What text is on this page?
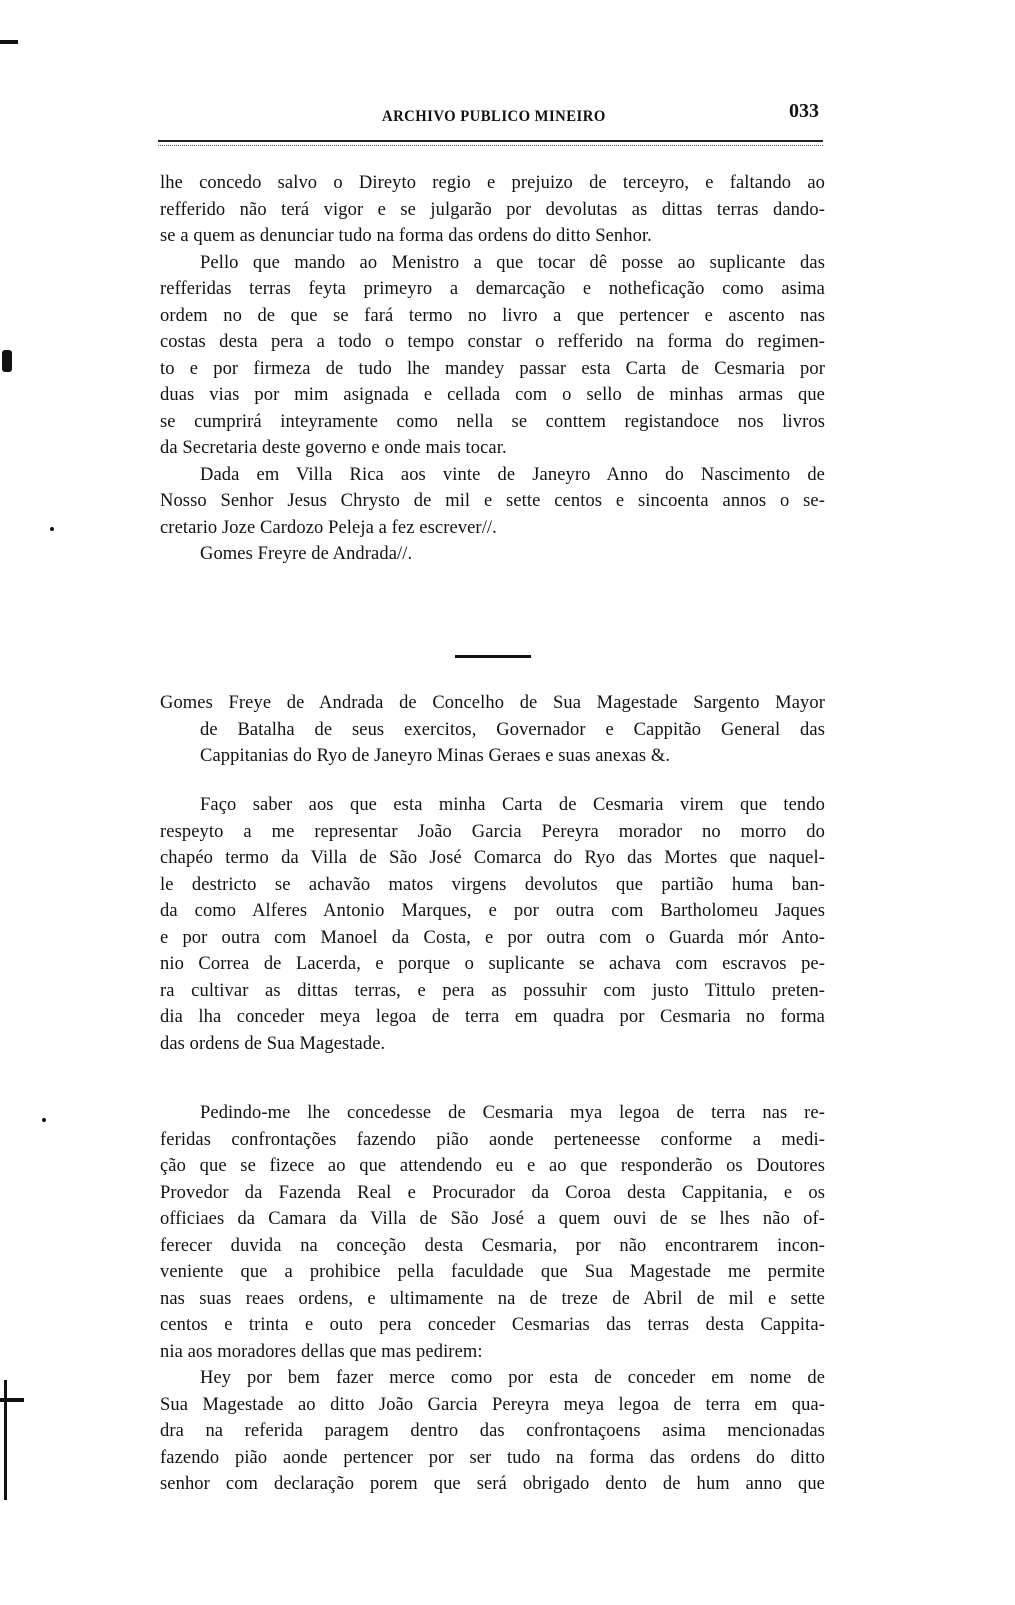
ARCHIVO PUBLICO MINEIRO	033
lhe concedo salvo o Direyto regio e prejuizo de terceyro, e faltando ao
refferido não terá vigor e se julgarão por devolutas as dittas terras dando-
se a quem as denunciar tudo na forma das ordens do ditto Senhor.
Pello que mando ao Menistro a que tocar dê posse ao suplicante das
refferidas terras feyta primeyro a demarcação e notheficação como asima
ordem no de que se fará termo no livro a que pertencer e ascento nas
costas desta pera a todo o tempo constar o refferido na forma do regimen-
to e por firmeza de tudo lhe mandey passar esta Carta de Cesmaria por
duas vias por mim asignada e cellada com o sello de minhas armas que
se cumprirá inteyramente como nella se conttem registandoce nos livros
da Secretaria deste governo e onde mais tocar.
Dada em Villa Rica aos vinte de Janeyro Anno do Nascimento de
Nosso Senhor Jesus Chrysto de mil e sette centos e sincoenta annos o se-
cretario Joze Cardozo Peleja a fez escrever//.
Gomes Freyre de Andrada//.
Gomes Freye de Andrada de Concelho de Sua Magestade Sargento Mayor
de Batalha de seus exercitos, Governador e Cappitão General das
Cappitanias do Ryo de Janeyro Minas Geraes e suas anexas &.
Faço saber aos que esta minha Carta de Cesmaria virem que tendo
respeyto a me representar João Garcia Pereyra morador no morro do
chapéo termo da Villa de São José Comarca do Ryo das Mortes que naquel-
le destricto se achavão matos virgens devolutos que partião huma ban-
da como Alferes Antonio Marques, e por outra com Bartholomeu Jaques
e por outra com Manoel da Costa, e por outra com o Guarda mór Anto-
nio Correa de Lacerda, e porque o suplicante se achava com escravos pe-
ra cultivar as dittas terras, e pera as possuhir com justo Tittulo preten-
dia lha conceder meya legoa de terra em quadra por Cesmaria no forma
das ordens de Sua Magestade.
Pedindo-me lhe concedesse de Cesmaria mya legoa de terra nas re-
feridas confrontações fazendo pião aonde perteneesse conforme a medi-
ção que se fizece ao que attendendo eu e ao que responderão os Doutores
Provedor da Fazenda Real e Procurador da Coroa desta Cappitania, e os
officiaes da Camara da Villa de São José a quem ouvi de se lhes não of-
ferecer duvida na conceção desta Cesmaria, por não encontrarem incon-
veniente que a prohibice pella faculdade que Sua Magestade me permite
nas suas reaes ordens, e ultimamente na de treze de Abril de mil e sette
centos e trinta e outo pera conceder Cesmarias das terras desta Cappita-
nia aos moradores dellas que mas pedirem:
Hey por bem fazer merce como por esta de conceder em nome de
Sua Magestade ao ditto João Garcia Pereyra meya legoa de terra em qua-
dra na referida paragem dentro das confrontaçoens asima mencionadas
fazendo pião aonde pertencer por ser tudo na forma das ordens do ditto
senhor com declaração porem que será obrigado dento de hum anno que
